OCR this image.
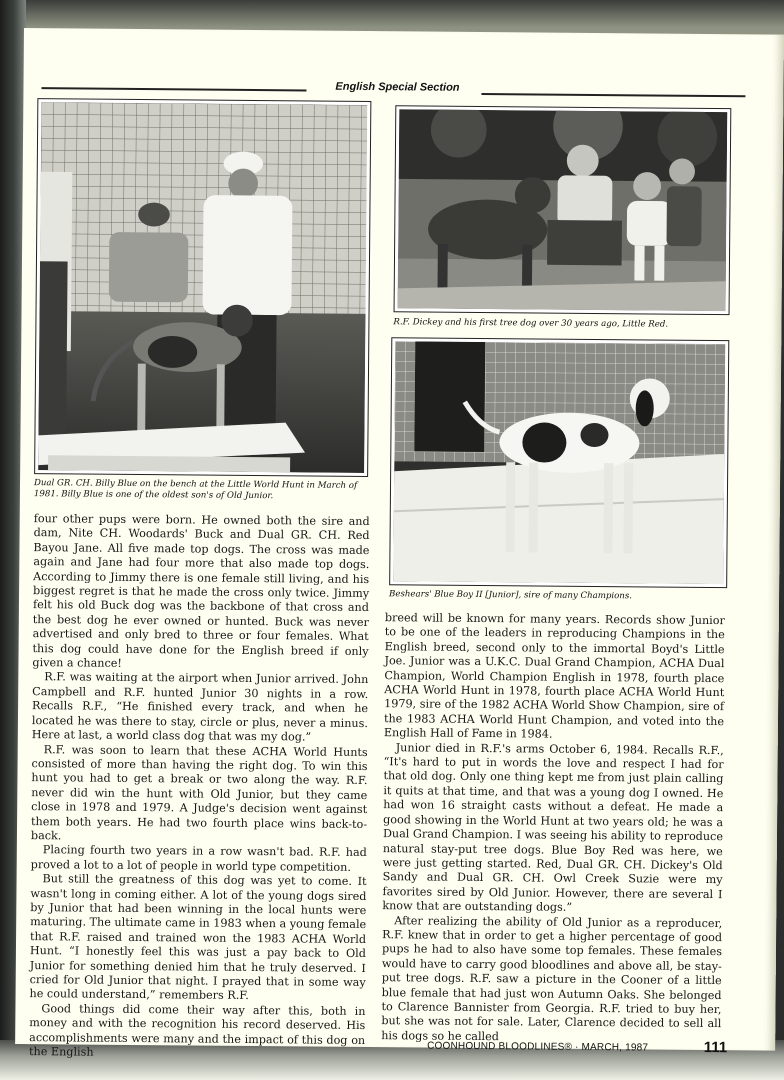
English Special Section
Dual GR. CH. Billy Blue on the bench at the Little World Hunt in March of 1981. Billy Blue is one of the oldest son's of Old Junior.
R.F. Dickey and his first tree dog over 30 years ago, Little Red.
Beshears' Blue Boy II [Junior], sire of many Champions.

four other pups were born. He owned both the sire and dam, Nite CH. Woodards' Buck and Dual GR. CH. Red Bayou Jane. All five made top dogs. The cross was made again and Jane had four more that also made top dogs. According to Jimmy there is one female still living, and his biggest regret is that he made the cross only twice. Jimmy felt his old Buck dog was the backbone of that cross and the best dog he ever owned or hunted. Buck was never advertised and only bred to three or four females. What this dog could have done for the English breed if only given a chance!

R.F. was waiting at the airport when Junior arrived. John Campbell and R.F. hunted Junior 30 nights in a row. Recalls R.F., “He finished every track, and when he located he was there to stay, circle or plus, never a minus. Here at last, a world class dog that was my dog.”

R.F. was soon to learn that these ACHA World Hunts consisted of more than having the right dog. To win this hunt you had to get a break or two along the way. R.F. never did win the hunt with Old Junior, but they came close in 1978 and 1979. A Judge's decision went against them both years. He had two fourth place wins back-to-back.

Placing fourth two years in a row wasn't bad. R.F. had proved a lot to a lot of people in world type competition.

But still the greatness of this dog was yet to come. It wasn't long in coming either. A lot of the young dogs sired by Junior that had been winning in the local hunts were maturing. The ultimate came in 1983 when a young female that R.F. raised and trained won the 1983 ACHA World Hunt. “I honestly feel this was just a pay back to Old Junior for something denied him that he truly deserved. I cried for Old Junior that night. I prayed that in some way he could understand,” remembers R.F.

Good things did come their way after this, both in money and with the recognition his record deserved. His accomplishments were many and the impact of this dog on the English

breed will be known for many years. Records show Junior to be one of the leaders in reproducing Champions in the English breed, second only to the immortal Boyd's Little Joe. Junior was a U.K.C. Dual Grand Champion, ACHA Dual Champion, World Champion English in 1978, fourth place ACHA World Hunt in 1978, fourth place ACHA World Hunt 1979, sire of the 1982 ACHA World Show Champion, sire of the 1983 ACHA World Hunt Champion, and voted into the English Hall of Fame in 1984.

Junior died in R.F.'s arms October 6, 1984. Recalls R.F., “It's hard to put in words the love and respect I had for that old dog. Only one thing kept me from just plain calling it quits at that time, and that was a young dog I owned. He had won 16 straight casts without a defeat. He made a good showing in the World Hunt at two years old; he was a Dual Grand Champion. I was seeing his ability to reproduce natural stay-put tree dogs. Blue Boy Red was here, we were just getting started. Red, Dual GR. CH. Dickey's Old Sandy and Dual GR. CH. Owl Creek Suzie were my favorites sired by Old Junior. However, there are several I know that are outstanding dogs.”

After realizing the ability of Old Junior as a reproducer, R.F. knew that in order to get a higher percentage of good pups he had to also have some top females. These females would have to carry good bloodlines and above all, be stay-put tree dogs. R.F. saw a picture in the Cooner of a little blue female that had just won Autumn Oaks. She belonged to Clarence Bannister from Georgia. R.F. tried to buy her, but she was not for sale. Later, Clarence decided to sell all his dogs so he called

COONHOUND BLOODLINES® · MARCH, 1987	111
